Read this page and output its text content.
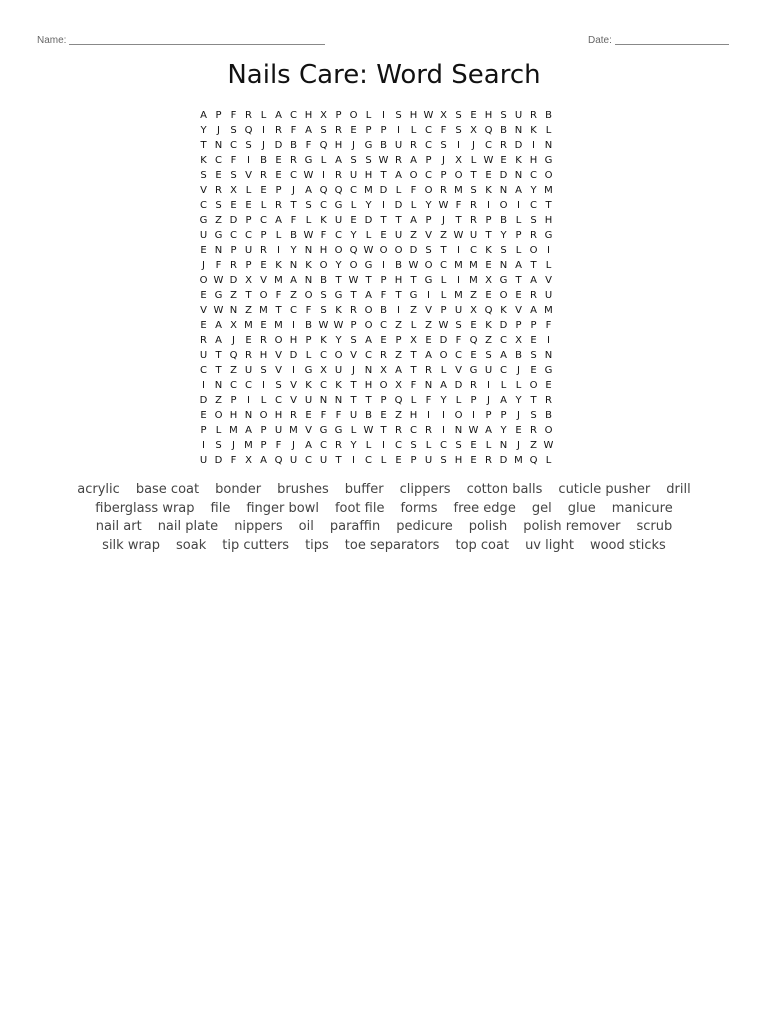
Name:	Date:
Nails Care: Word Search
A P F R L A C H X P O L	I	S H W X S E H S U R B
Y	J	S Q I	R F A S R E P P	I	L C F S X Q B N K L
T N C S	J D B F Q H J G B U R C S	I	J	C R D I N
K C F	I	B E R G L A S S W R A P	J	X L W E K H G
S E S V R E C W I	R U H T A O C P O T E D N C O
V R X L E P	J	A Q Q C M D L F O R M S K N A Y M
C S E E L R T S C G L Y	I D L Y W F R	I O I	C T
G Z D P C A F L K U E D T T A P	J	T R P B L S H
U G C C P L B W F C Y L E U Z V Z W U T Y P R G
E N P U R	I	Y N H O Q W O O D S T	I	C K S L O I
J	F R P E K N K O Y O G I	B W O C M M E N A T L
O W D X V M A N B T W T P H T G L	I M X G T A V
E G Z T O F Z O S G T A F T G I	L M Z E O E R U
V W N Z M T C F S K R O B	I	Z V P U X Q K V A M
E A X M E M I	B W W P O C Z L Z W S E K D P P F
R A	J	E R O H P K Y S A E P X E D F Q Z C X E	I
U T Q R H V D L C O V C R Z T A O C E S A B S N
C T Z U S V	I G X U J N X A T R L V G U C	J	E G
I N C C	I	S V K C K T H O X F N A D R	I	L L O E
D Z P	I	L C V U N N T T P Q L F Y L P	J	A Y T R
E O H N O H R E F F U B E Z H I	I O I	P P	J	S B
P L M A P U M V G G L W T R C R	I N W A Y E R O
I	S	J M P F	J	A C R Y L	I	C S L C S E L N J	Z W
U D F X A Q U C U T	I	C L E P U S H E R D M Q L
acrylic base coat bonder brushes buffer clippers cotton balls cuticle pusher drill
fiberglass wrap file finger bowl foot file forms free edge gel glue manicure
nail art nail plate nippers oil paraffin pedicure polish polish remover scrub
silk wrap soak tip cutters tips toe separators top coat uv light wood sticks
